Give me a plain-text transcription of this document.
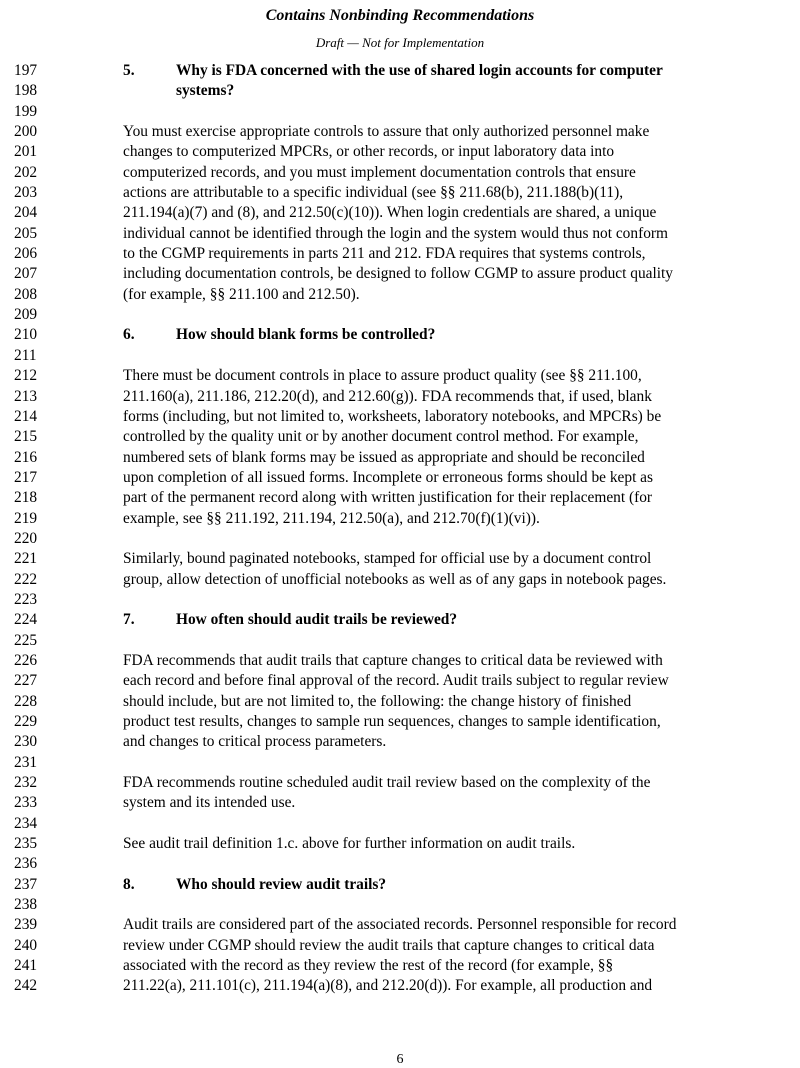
Contains Nonbinding Recommendations
Draft — Not for Implementation
197
198
199
200
201
202
203
204
205
206
207
208
209
210
211
212
213
214
215
216
217
218
219
220
221
222
223
224
225
226
227
228
229
230
231
232
233
234
235
236
237
238
239
240
241
242
5.	Why is FDA concerned with the use of shared login accounts for computer
systems?
You must exercise appropriate controls to assure that only authorized personnel make
changes to computerized MPCRs, or other records, or input laboratory data into
computerized records, and you must implement documentation controls that ensure
actions are attributable to a specific individual (see §§ 211.68(b), 211.188(b)(11),
211.194(a)(7) and (8), and 212.50(c)(10)). When login credentials are shared, a unique
individual cannot be identified through the login and the system would thus not conform
to the CGMP requirements in parts 211 and 212. FDA requires that systems controls,
including documentation controls, be designed to follow CGMP to assure product quality
(for example, §§ 211.100 and 212.50).
6.	How should blank forms be controlled?
There must be document controls in place to assure product quality (see §§ 211.100,
211.160(a), 211.186, 212.20(d), and 212.60(g)). FDA recommends that, if used, blank
forms (including, but not limited to, worksheets, laboratory notebooks, and MPCRs) be
controlled by the quality unit or by another document control method. For example,
numbered sets of blank forms may be issued as appropriate and should be reconciled
upon completion of all issued forms. Incomplete or erroneous forms should be kept as
part of the permanent record along with written justification for their replacement (for
example, see §§ 211.192, 211.194, 212.50(a), and 212.70(f)(1)(vi)).
Similarly, bound paginated notebooks, stamped for official use by a document control
group, allow detection of unofficial notebooks as well as of any gaps in notebook pages.
7.	How often should audit trails be reviewed?
FDA recommends that audit trails that capture changes to critical data be reviewed with
each record and before final approval of the record. Audit trails subject to regular review
should include, but are not limited to, the following: the change history of finished
product test results, changes to sample run sequences, changes to sample identification,
and changes to critical process parameters.
FDA recommends routine scheduled audit trail review based on the complexity of the
system and its intended use.
See audit trail definition 1.c. above for further information on audit trails.
8.	Who should review audit trails?
Audit trails are considered part of the associated records. Personnel responsible for record
review under CGMP should review the audit trails that capture changes to critical data
associated with the record as they review the rest of the record (for example, §§
211.22(a), 211.101(c), 211.194(a)(8), and 212.20(d)). For example, all production and
6
